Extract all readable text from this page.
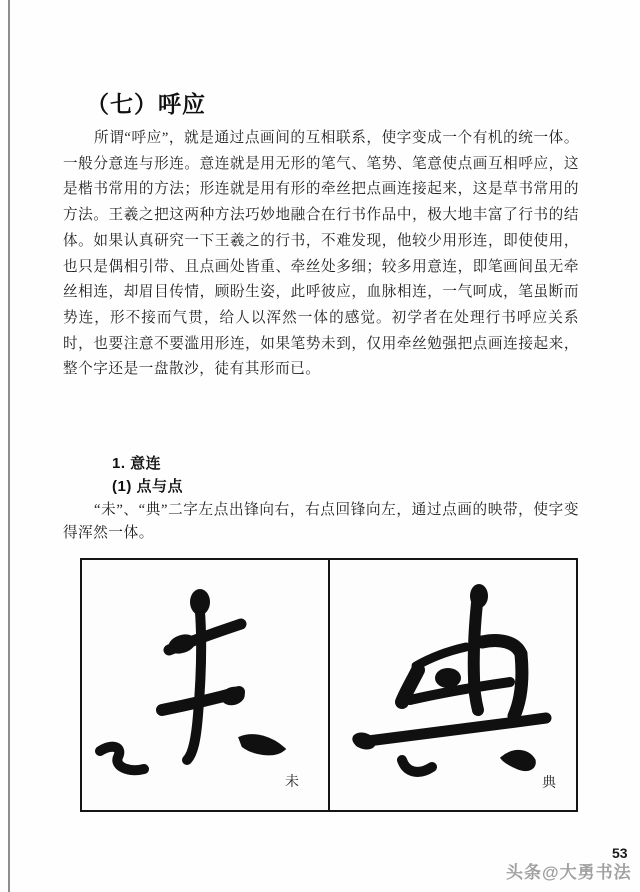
（七）呼应
所谓“呼应”，就是通过点画间的互相联系，使字变成一个有机的统一体。一般分意连与形连。意连就是用无形的笔气、笔势、笔意使点画互相呼应，这是楷书常用的方法；形连就是用有形的牵丝把点画连接起来，这是草书常用的方法。王羲之把这两种方法巧妙地融合在行书作品中，极大地丰富了行书的结体。如果认真研究一下王羲之的行书，不难发现，他较少用形连，即使使用，也只是偶相引带、且点画处皆重、牵丝处多细；较多用意连，即笔画间虽无牵丝相连，却眉目传情，顾盼生姿，此呼彼应，血脉相连，一气呵成，笔虽断而势连，形不接而气贯，给人以浑然一体的感觉。初学者在处理行书呼应关系时，也要注意不要滥用形连，如果笔势未到，仅用牵丝勉强把点画连接起来，整个字还是一盘散沙，徒有其形而已。
1. 意连
(1) 点与点
“未”、“典”二字左点出锋向右，右点回锋向左，通过点画的映带，使字变得浑然一体。
未	典
53
头条@大勇书法
